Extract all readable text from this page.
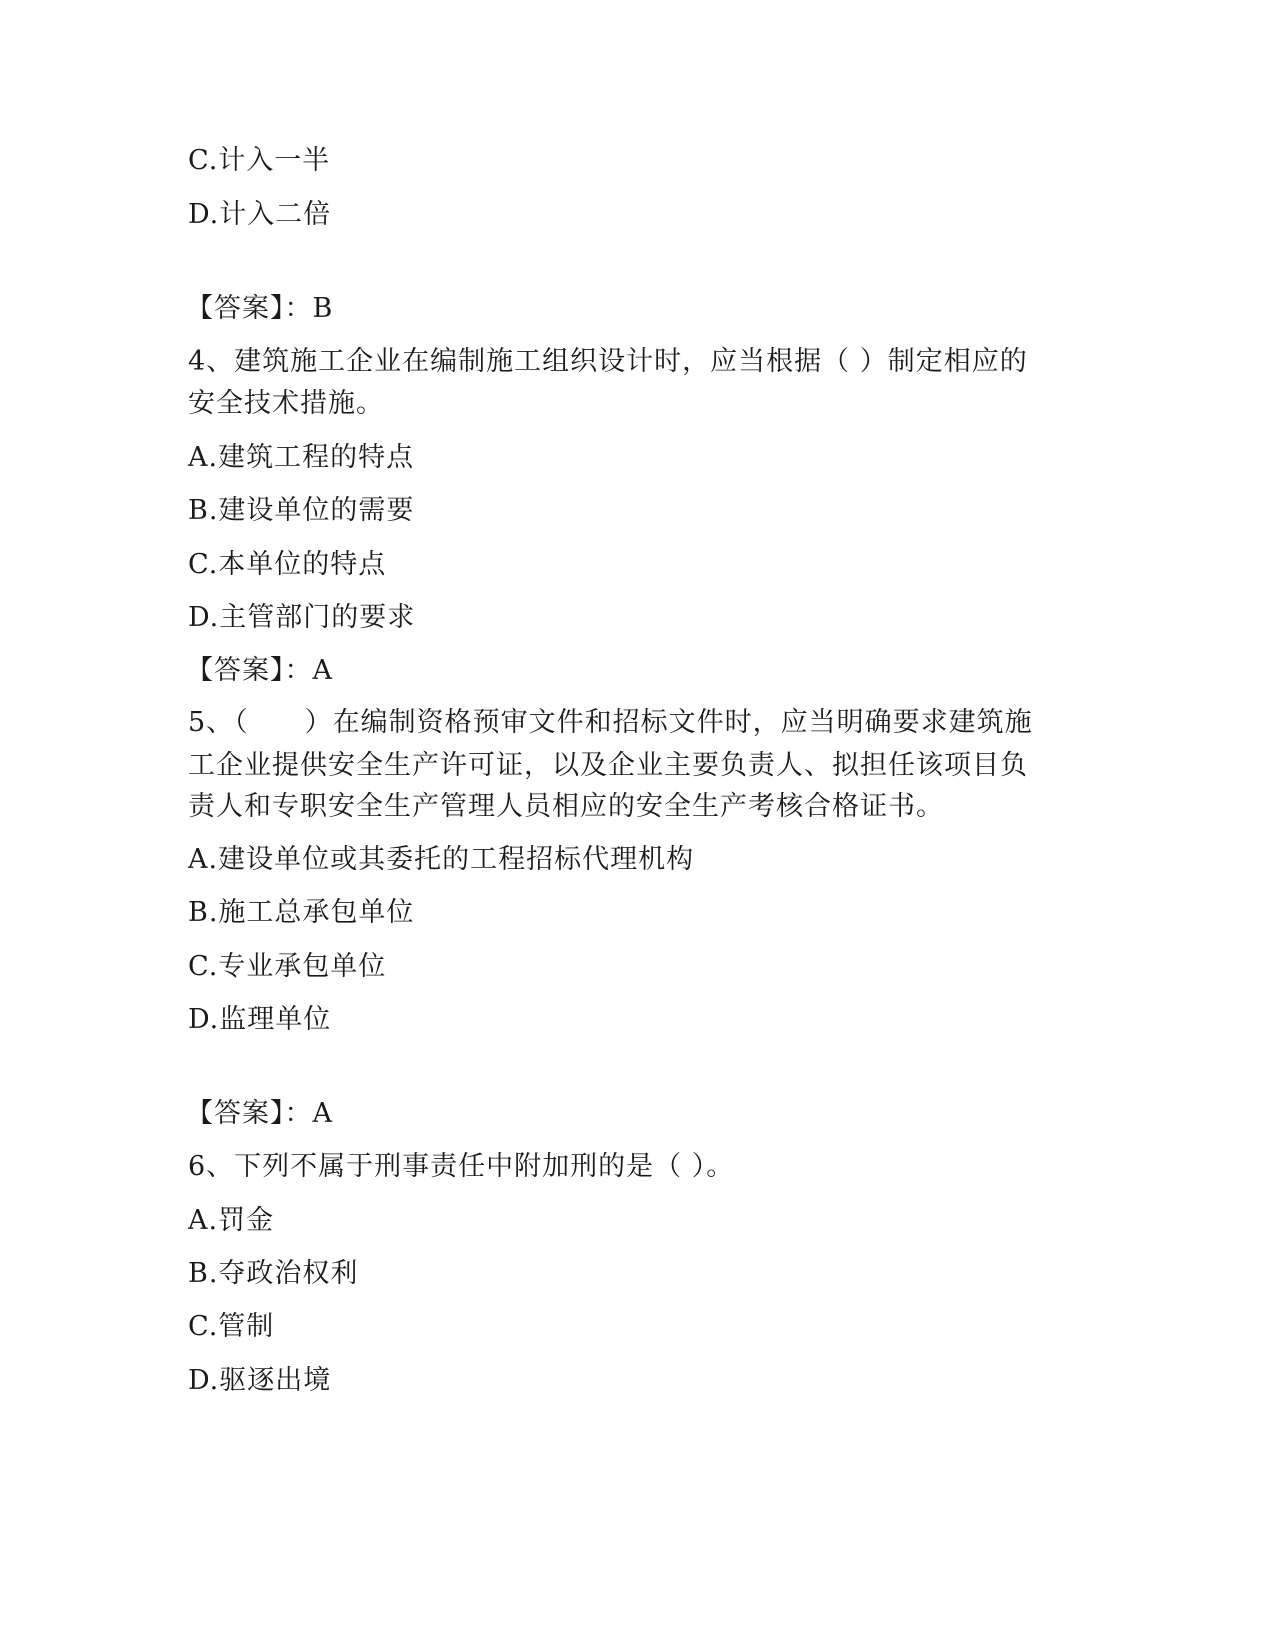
C.计入一半
D.计入二倍
【答案】：B
4、建筑施工企业在编制施工组织设计时，应当根据（ ）制定相应的
安全技术措施。
A.建筑工程的特点
B.建设单位的需要
C.本单位的特点
D.主管部门的要求
【答案】：A
5、（　　）在编制资格预审文件和招标文件时，应当明确要求建筑施
工企业提供安全生产许可证，以及企业主要负责人、拟担任该项目负
责人和专职安全生产管理人员相应的安全生产考核合格证书。
A.建设单位或其委托的工程招标代理机构
B.施工总承包单位
C.专业承包单位
D.监理单位
【答案】：A
6、下列不属于刑事责任中附加刑的是（ ）。
A.罚金
B.夺政治权利
C.管制
D.驱逐出境
